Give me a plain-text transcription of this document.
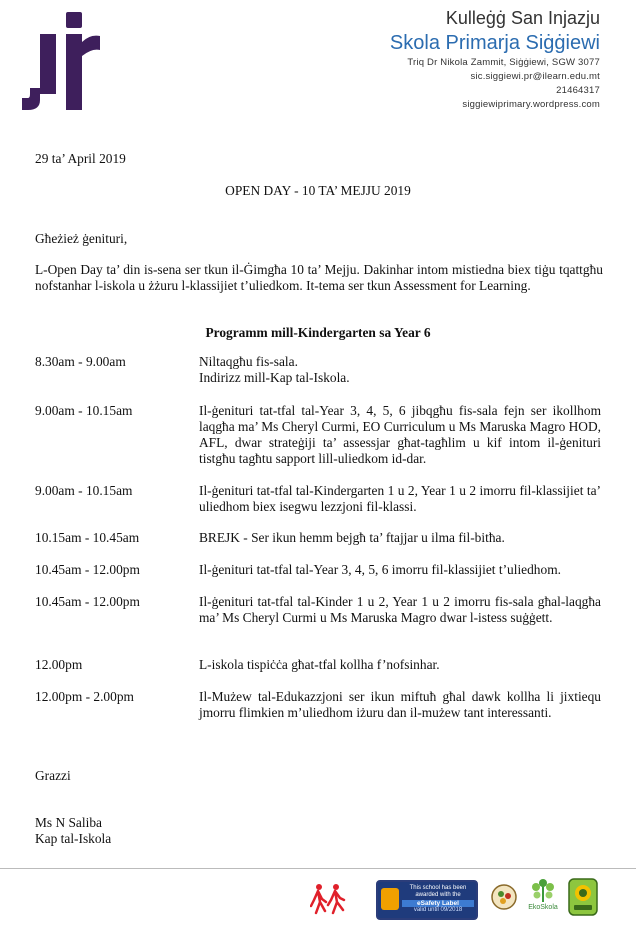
Kulleġġ San Injazju
Skola Primarja Siġġiewi
Triq Dr Nikola Zammit, Siġġiewi, SGW 3077
sic.siggiewi.pr@ilearn.edu.mt
21464317
siggiewiprimary.wordpress.com
29 ta’ April 2019
OPEN DAY - 10 TA’ MEJJU 2019
Għeżież ġenituri,
L-Open Day ta’ din is-sena ser tkun il-Ġimgħa 10 ta’ Mejju. Dakinhar intom mistiedna biex tiġu tqattgħu nofstanhar l-iskola u żżuru l-klassijiet t’uliedkom. It-tema ser tkun Assessment for Learning.
Programm mill-Kindergarten sa Year 6
8.30am - 9.00am	Niltaqgħu fis-sala.
Indirizz mill-Kap tal-Iskola.
9.00am - 10.15am	Il-ġenituri tat-tfal tal-Year 3, 4, 5, 6 jibqgħu fis-sala fejn ser ikollhom laqgħa ma’ Ms Cheryl Curmi, EO Curriculum u Ms Maruska Magro HOD, AFL, dwar strateġiji ta’ assessjar għat-tagħlim u kif intom il-ġenituri tistgħu tagħtu sapport lill-uliedkom id-dar.
9.00am - 10.15am	Il-ġenituri tat-tfal tal-Kindergarten 1 u 2, Year 1 u 2 imorru fil-klassijiet ta’ uliedhom biex isegwu lezzjoni fil-klassi.
10.15am - 10.45am	BREJK - Ser ikun hemm bejgħ ta’ ftajjar u ilma fil-bitħa.
10.45am - 12.00pm	Il-ġenituri tat-tfal tal-Year 3, 4, 5, 6 imorru fil-klassijiet t’uliedhom.
10.45am - 12.00pm	Il-ġenituri tat-tfal tal-Kinder 1 u 2, Year 1 u 2 imorru fis-sala għal-laqgħa ma’ Ms Cheryl Curmi u Ms Maruska Magro dwar l-istess suġġett.
12.00pm	L-iskola tispiċċa għat-tfal kollha f’nofsinhar.
12.00pm - 2.00pm	Il-Mużew tal-Edukazzjoni ser ikun miftuħ għal dawk kollha li jixtiequ jmorru flimkien m’uliedhom iżuru dan il-mużew tant interessanti.
Grazzi
Ms N Saliba
Kap tal-Iskola
This school has been
awarded with the
eSafety Label
valid until 09/2018	EkoSkola
